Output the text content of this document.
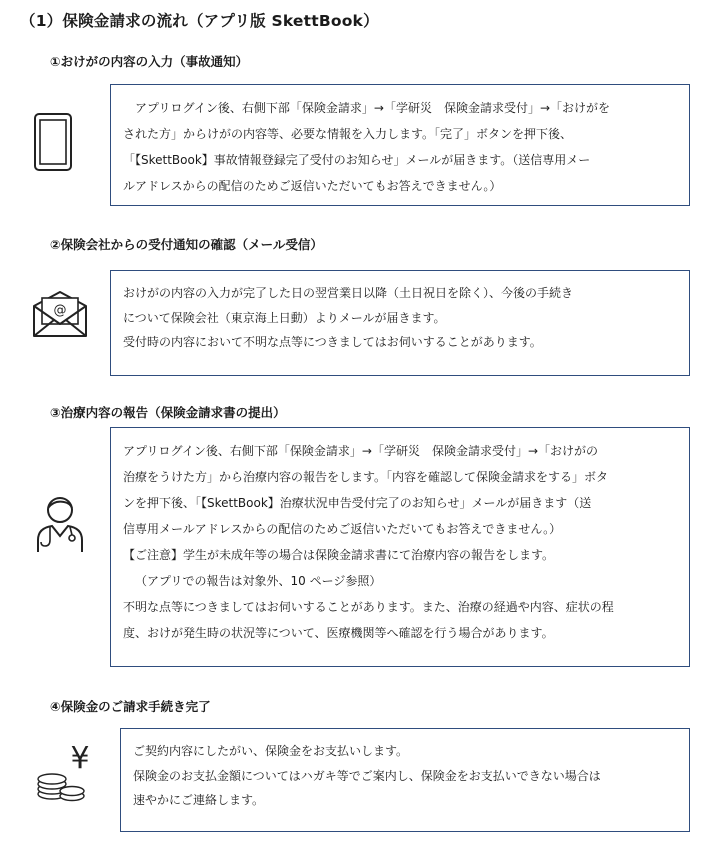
（1）保険金請求の流れ（アプリ版 SkettBook）
①おけがの内容の入力（事故通知）

　アプリログイン後、右側下部「保険金請求」→「学研災　保険金請求受付」→「おけがを

された方」からけがの内容等、必要な情報を入力します。「完了」ボタンを押下後、

「【SkettBook】事故情報登録完了受付のお知らせ」メールが届きます。（送信専用メー

ルアドレスからの配信のためご返信いただいてもお答えできません。）

②保険会社からの受付通知の確認（メール受信）
@

おけがの内容の入力が完了した日の翌営業日以降（土日祝日を除く）、今後の手続き

について保険会社（東京海上日動）よりメールが届きます。

受付時の内容において不明な点等につきましてはお伺いすることがあります。

③治療内容の報告（保険金請求書の提出）

アプリログイン後、右側下部「保険金請求」→「学研災　保険金請求受付」→「おけがの

治療をうけた方」から治療内容の報告をします。「内容を確認して保険金請求をする」ボタ

ンを押下後、「【SkettBook】治療状況申告受付完了のお知らせ」メールが届きます（送

信専用メールアドレスからの配信のためご返信いただいてもお答えできません。）

【ご注意】学生が未成年等の場合は保険金請求書にて治療内容の報告をします。

（アプリでの報告は対象外、10 ページ参照）

不明な点等につきましてはお伺いすることがあります。また、治療の経過や内容、症状の程

度、おけが発生時の状況等について、医療機関等へ確認を行う場合があります。

④保険金のご請求手続き完了
¥	ご契約内容にしたがい、保険金をお支払いします。

保険金のお支払金額についてはハガキ等でご案内し、保険金をお支払いできない場合は

速やかにご連絡します。
